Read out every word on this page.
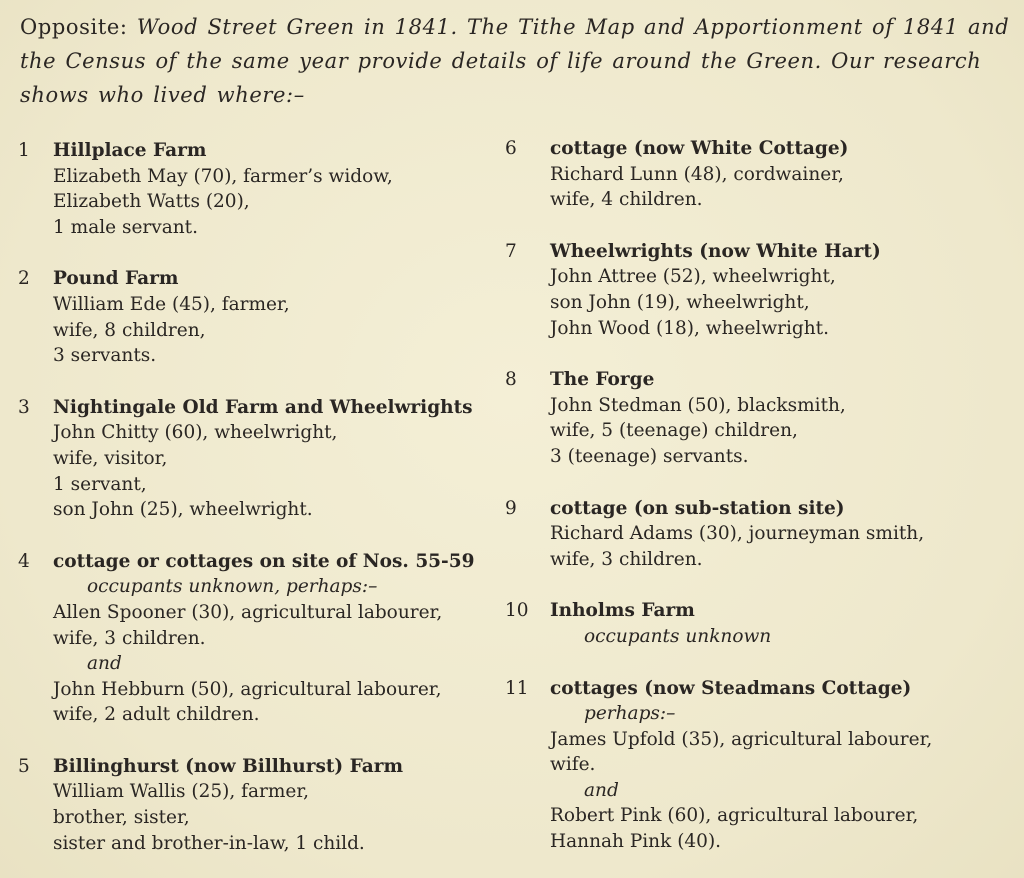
Opposite: Wood Street Green in 1841. The Tithe Map and Apportionment of 1841 and the Census of the same year provide details of life around the Green. Our research shows who lived where:–
1	Hillplace Farm
Elizabeth May (70), farmer’s widow,
Elizabeth Watts (20),
1 male servant.
2	Pound Farm
William Ede (45), farmer,
wife, 8 children,
3 servants.
3	Nightingale Old Farm and Wheelwrights
John Chitty (60), wheelwright,
wife, visitor,
1 servant,
son John (25), wheelwright.
4	cottage or cottages on site of Nos. 55-59
occupants unknown, perhaps:–
Allen Spooner (30), agricultural labourer,
wife, 3 children.
and
John Hebburn (50), agricultural labourer,
wife, 2 adult children.
5	Billinghurst (now Billhurst) Farm
William Wallis (25), farmer,
brother, sister,
sister and brother-in-law, 1 child.
6	cottage (now White Cottage)
Richard Lunn (48), cordwainer,
wife, 4 children.
7	Wheelwrights (now White Hart)
John Attree (52), wheelwright,
son John (19), wheelwright,
John Wood (18), wheelwright.
8	The Forge
John Stedman (50), blacksmith,
wife, 5 (teenage) children,
3 (teenage) servants.
9	cottage (on sub-station site)
Richard Adams (30), journeyman smith,
wife, 3 children.
10	Inholms Farm
occupants unknown
11	cottages (now Steadmans Cottage)
perhaps:–
James Upfold (35), agricultural labourer,
wife.
and
Robert Pink (60), agricultural labourer,
Hannah Pink (40).
